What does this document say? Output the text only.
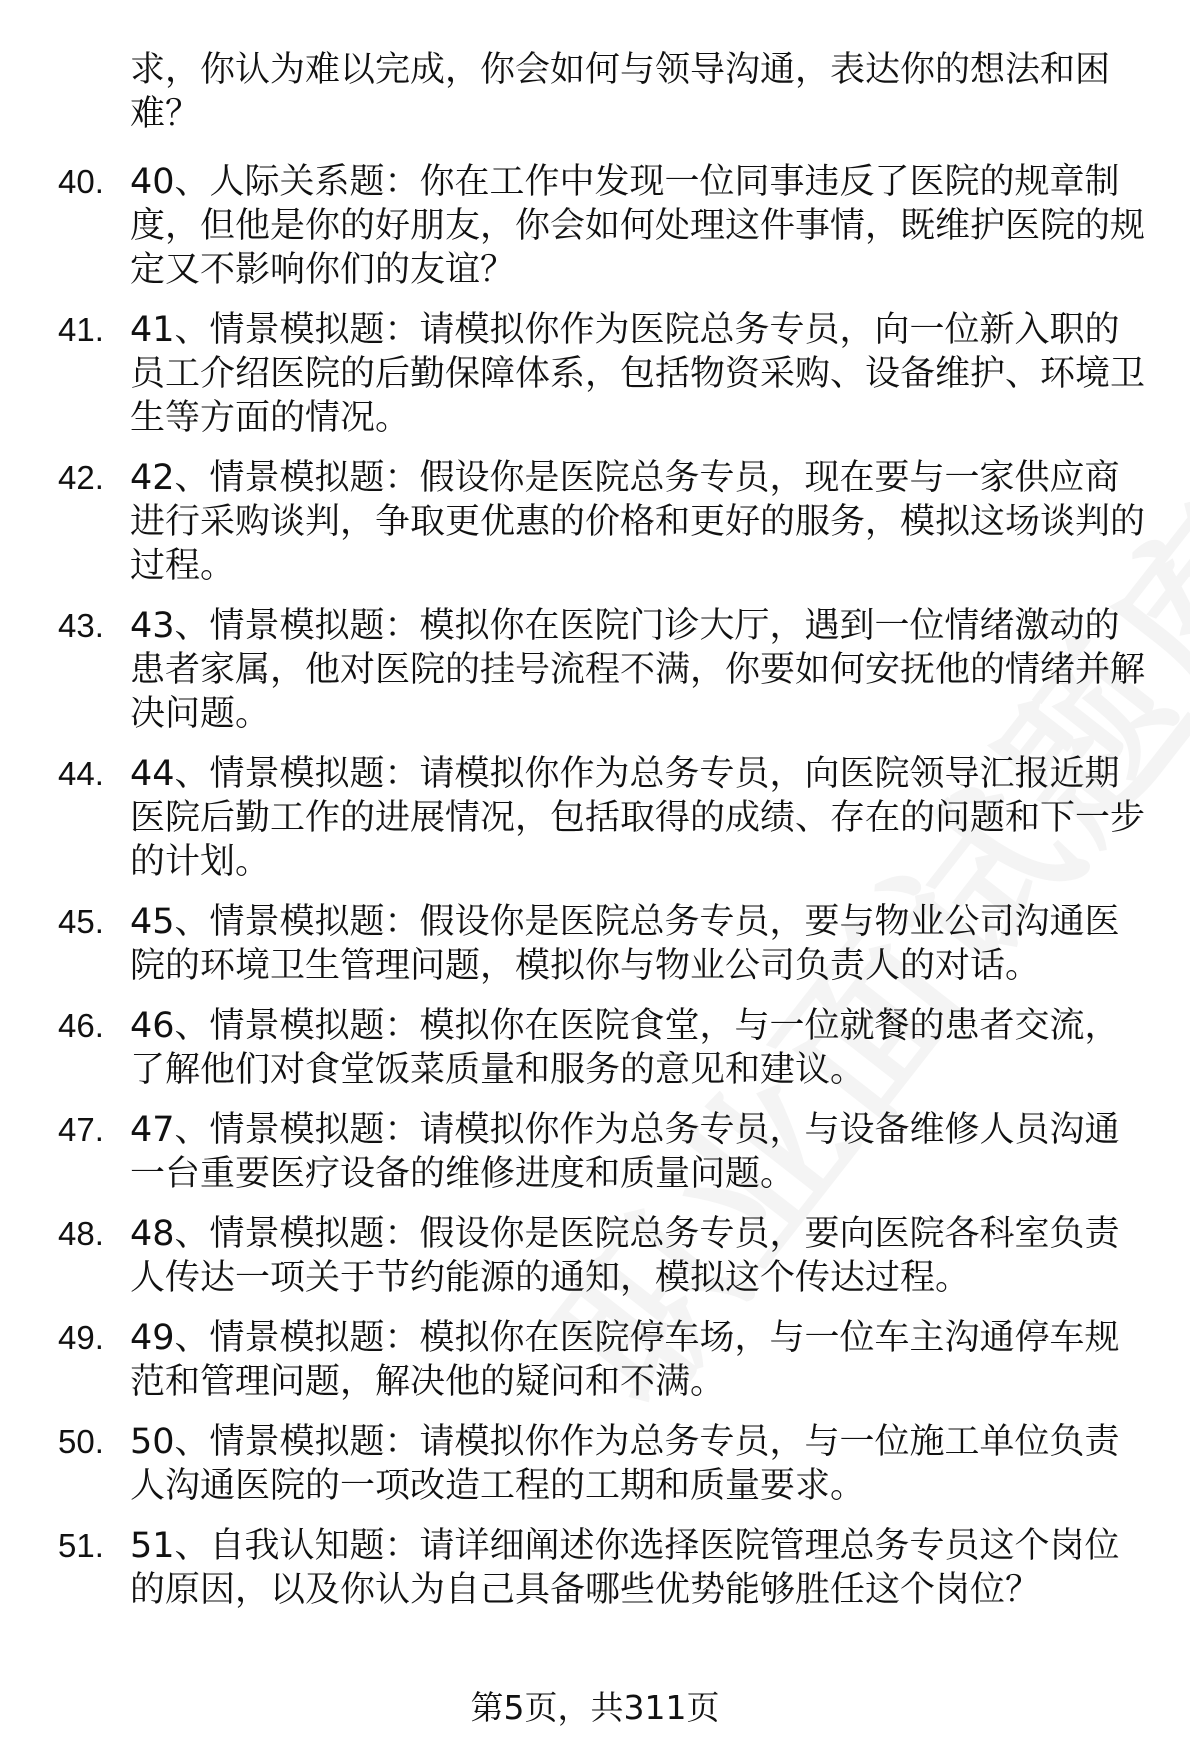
求，你认为难以完成，你会如何与领导沟通，表达你的想法和困难？

40. 40、人际关系题：你在工作中发现一位同事违反了医院的规章制度，但他是你的好朋友，你会如何处理这件事情，既维护医院的规定又不影响你们的友谊？
41. 41、情景模拟题：请模拟你作为医院总务专员，向一位新入职的员工介绍医院的后勤保障体系，包括物资采购、设备维护、环境卫生等方面的情况。
42. 42、情景模拟题：假设你是医院总务专员，现在要与一家供应商进行采购谈判，争取更优惠的价格和更好的服务，模拟这场谈判的过程。
43. 43、情景模拟题：模拟你在医院门诊大厅，遇到一位情绪激动的患者家属，他对医院的挂号流程不满，你要如何安抚他的情绪并解决问题。
44. 44、情景模拟题：请模拟你作为总务专员，向医院领导汇报近期医院后勤工作的进展情况，包括取得的成绩、存在的问题和下一步的计划。
45. 45、情景模拟题：假设你是医院总务专员，要与物业公司沟通医院的环境卫生管理问题，模拟你与物业公司负责人的对话。
46. 46、情景模拟题：模拟你在医院食堂，与一位就餐的患者交流，了解他们对食堂饭菜质量和服务的意见和建议。
47. 47、情景模拟题：请模拟你作为总务专员，与设备维修人员沟通一台重要医疗设备的维修进度和质量问题。
48. 48、情景模拟题：假设你是医院总务专员，要向医院各科室负责人传达一项关于节约能源的通知，模拟这个传达过程。
49. 49、情景模拟题：模拟你在医院停车场，与一位车主沟通停车规范和管理问题，解决他的疑问和不满。
50. 50、情景模拟题：请模拟你作为总务专员，与一位施工单位负责人沟通医院的一项改造工程的工期和质量要求。
51. 51、自我认知题：请详细阐述你选择医院管理总务专员这个岗位的原因，以及你认为自己具备哪些优势能够胜任这个岗位？
第5页，共311页
